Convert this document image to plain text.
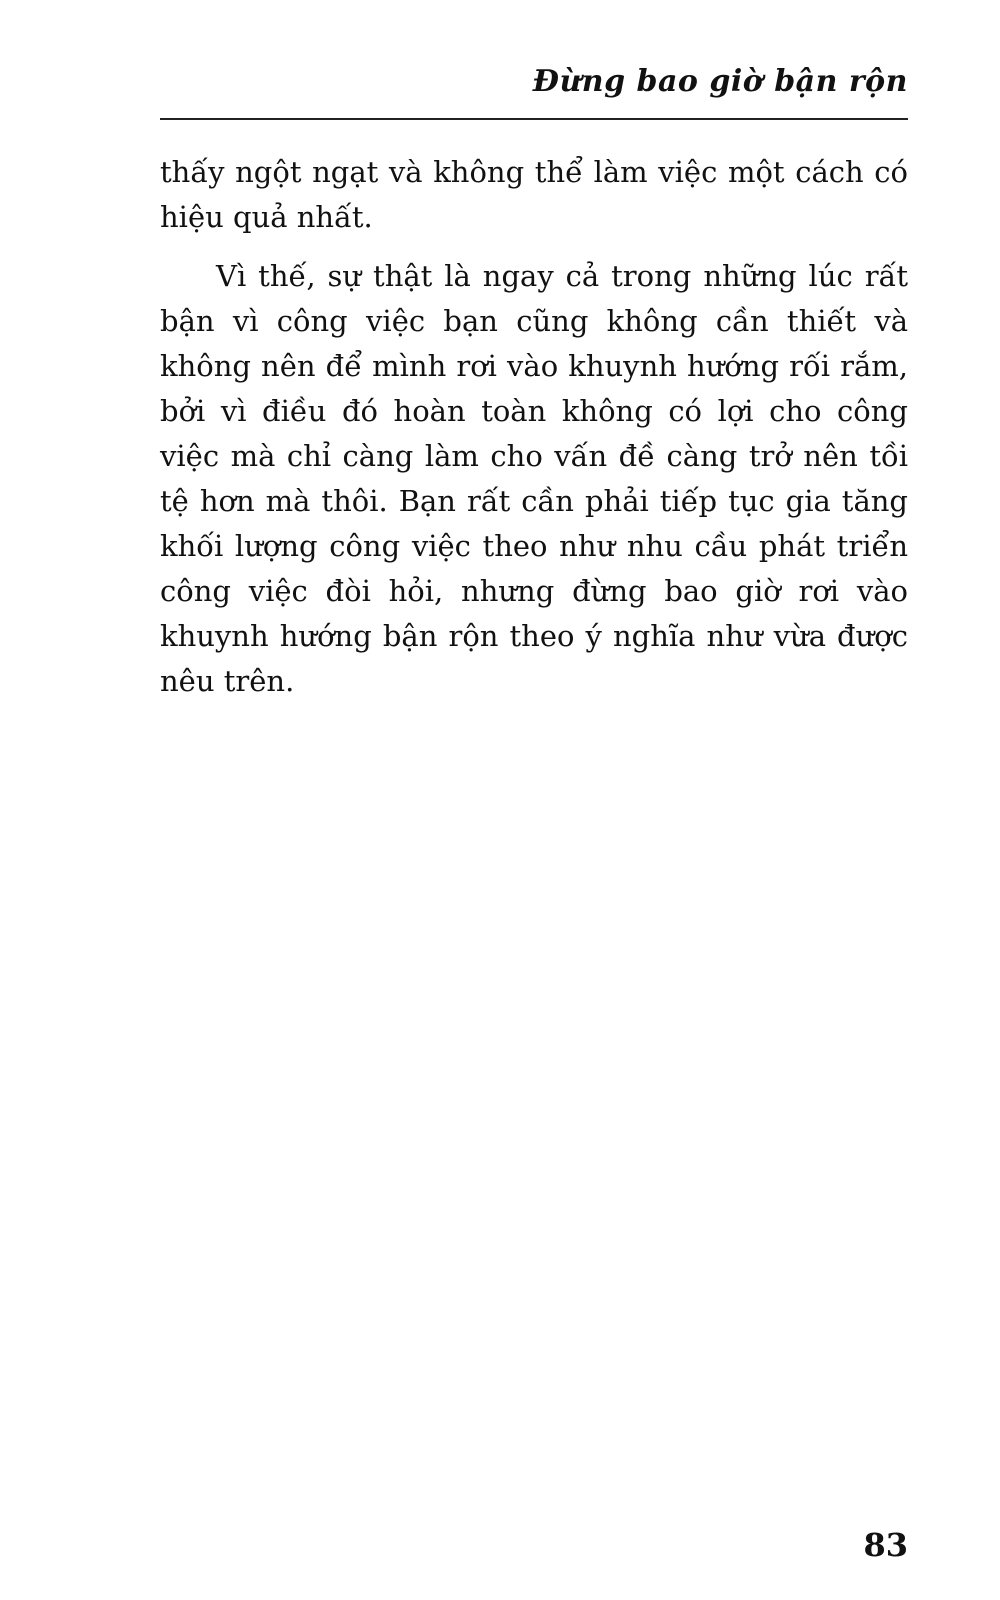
Đừng bao giờ bận rộn

thấy ngột ngạt và không thể làm việc một cách có hiệu quả nhất.

Vì thế, sự thật là ngay cả trong những lúc rất bận vì công việc bạn cũng không cần thiết và không nên để mình rơi vào khuynh hướng rối rắm, bởi vì điều đó hoàn toàn không có lợi cho công việc mà chỉ càng làm cho vấn đề càng trở nên tồi tệ hơn mà thôi. Bạn rất cần phải tiếp tục gia tăng khối lượng công việc theo như nhu cầu phát triển công việc đòi hỏi, nhưng đừng bao giờ rơi vào khuynh hướng bận rộn theo ý nghĩa như vừa được nêu trên.

83
